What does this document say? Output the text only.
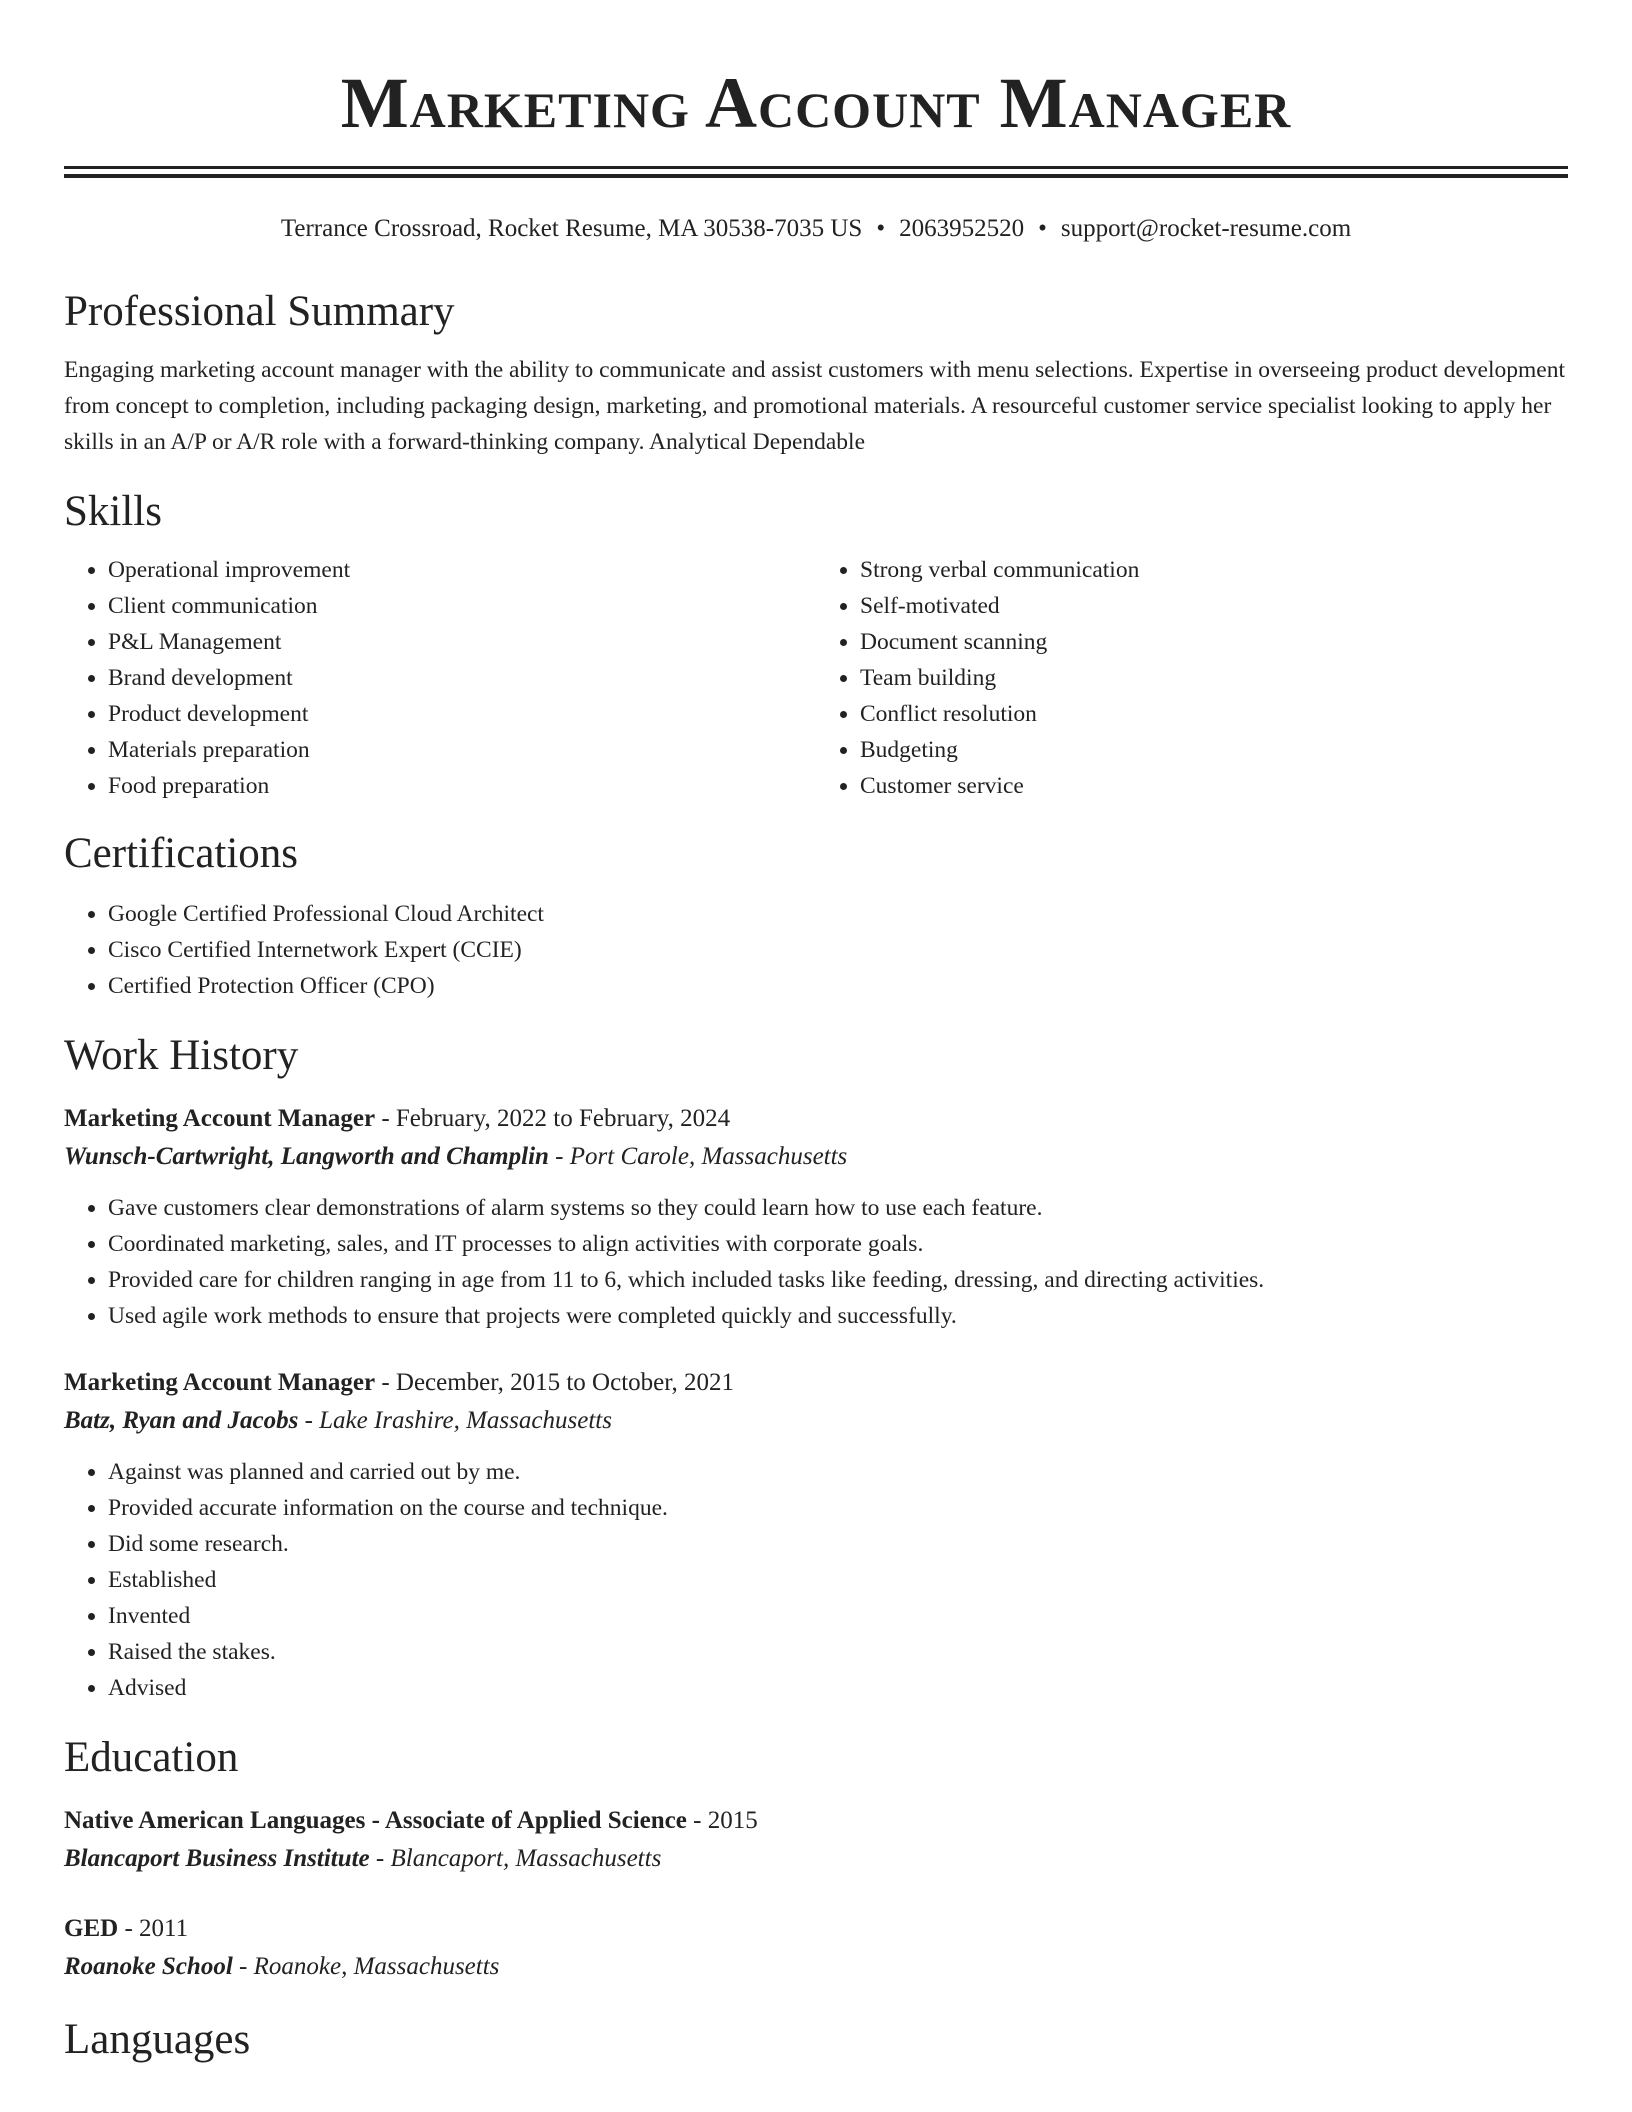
Marketing Account Manager
Terrance Crossroad, Rocket Resume, MA 30538-7035 US • 2063952520 • support@rocket-resume.com
Professional Summary
Engaging marketing account manager with the ability to communicate and assist customers with menu selections. Expertise in overseeing product development from concept to completion, including packaging design, marketing, and promotional materials. A resourceful customer service specialist looking to apply her skills in an A/P or A/R role with a forward-thinking company. Analytical Dependable
Skills
• Operational improvement
• Client communication
• P&L Management
• Brand development
• Product development
• Materials preparation
• Food preparation
• Strong verbal communication
• Self-motivated
• Document scanning
• Team building
• Conflict resolution
• Budgeting
• Customer service
Certifications
• Google Certified Professional Cloud Architect
• Cisco Certified Internetwork Expert (CCIE)
• Certified Protection Officer (CPO)
Work History
Marketing Account Manager - February, 2022 to February, 2024
Wunsch-Cartwright, Langworth and Champlin - Port Carole, Massachusetts
• Gave customers clear demonstrations of alarm systems so they could learn how to use each feature.
• Coordinated marketing, sales, and IT processes to align activities with corporate goals.
• Provided care for children ranging in age from 11 to 6, which included tasks like feeding, dressing, and directing activities.
• Used agile work methods to ensure that projects were completed quickly and successfully.
Marketing Account Manager - December, 2015 to October, 2021
Batz, Ryan and Jacobs - Lake Irashire, Massachusetts
• Against was planned and carried out by me.
• Provided accurate information on the course and technique.
• Did some research.
• Established
• Invented
• Raised the stakes.
• Advised
Education
Native American Languages - Associate of Applied Science - 2015
Blancaport Business Institute - Blancaport, Massachusetts
GED - 2011
Roanoke School - Roanoke, Massachusetts
Languages
